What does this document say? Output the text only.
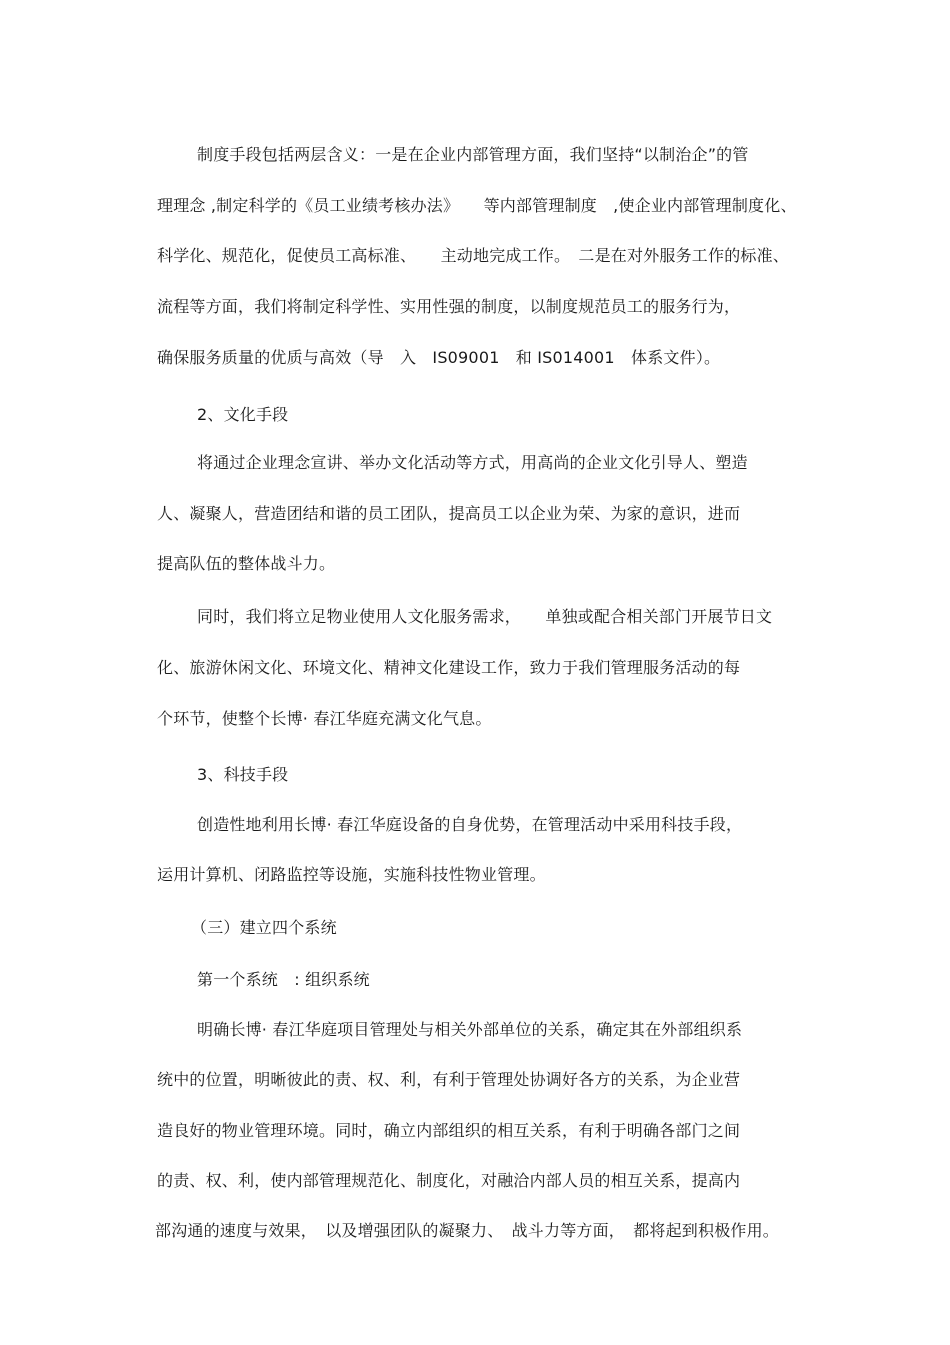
制度手段包括两层含义：一是在企业内部管理方面，我们坚持“以制治企”的管
理理念 ,制定科学的《员工业绩考核办法》　　等内部管理制度　,使企业内部管理制度化、
科学化、规范化，促使员工高标准、　　主动地完成工作。　二是在对外服务工作的标准、
流程等方面，我们将制定科学性、实用性强的制度，以制度规范员工的服务行为，
确保服务质量的优质与高效（导　入　IS09001　和 IS014001　体系文件）。
2、文化手段
将通过企业理念宣讲、举办文化活动等方式，用高尚的企业文化引导人、塑造
人、凝聚人，营造团结和谐的员工团队，提高员工以企业为荣、为家的意识，进而
提高队伍的整体战斗力。
同时，我们将立足物业使用人文化服务需求，　　单独或配合相关部门开展节日文
化、旅游休闲文化、环境文化、精神文化建设工作，致力于我们管理服务活动的每
个环节，使整个长博· 春江华庭充满文化气息。
3、科技手段
创造性地利用长博· 春江华庭设备的自身优势，在管理活动中采用科技手段，
运用计算机、闭路监控等设施，实施科技性物业管理。
（三）建立四个系统
第一个系统　: 组织系统
明确长博· 春江华庭项目管理处与相关外部单位的关系，确定其在外部组织系
统中的位置，明晰彼此的责、权、利，有利于管理处协调好各方的关系，为企业营
造良好的物业管理环境。同时，确立内部组织的相互关系，有利于明确各部门之间
的责、权、利，使内部管理规范化、制度化，对融洽内部人员的相互关系，提高内
部沟通的速度与效果，　以及增强团队的凝聚力、　战斗力等方面，　都将起到积极作用。
